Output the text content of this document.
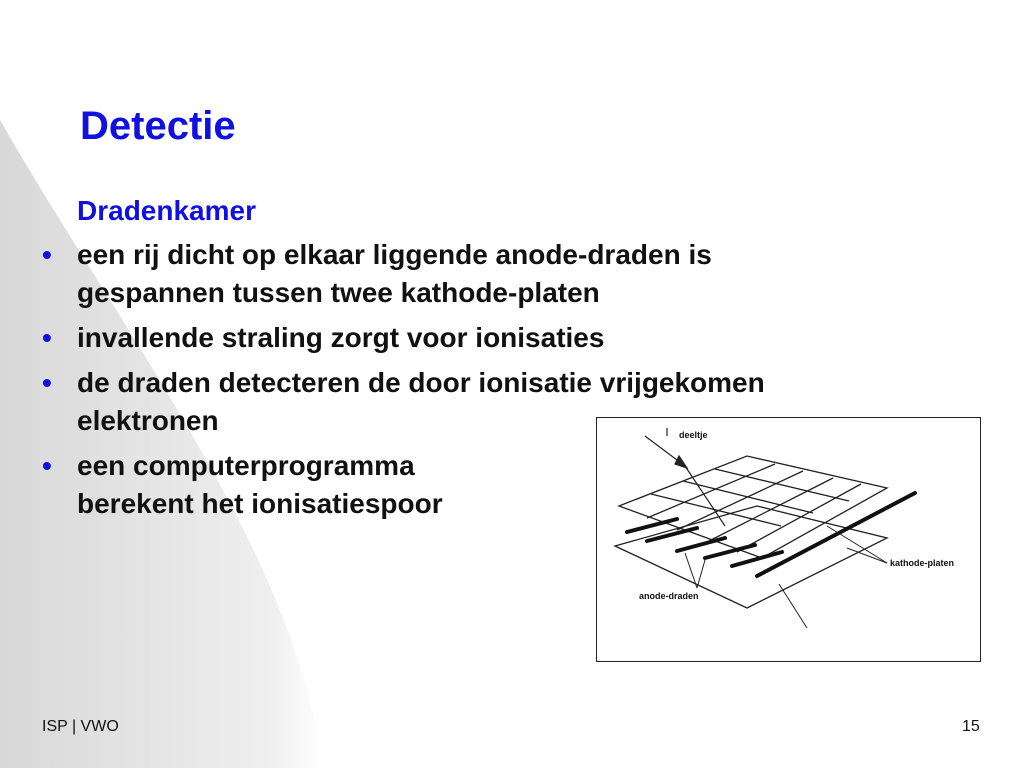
Detectie
Dradenkamer
• een rij dicht op elkaar liggende anode-draden is
gespannen tussen twee kathode-platen
• invallende straling zorgt voor ionisaties
• de draden detecteren de door ionisatie vrijgekomen
elektronen
• een computerprogramma
berekent het ionisatiespoor
deeltje
kathode-platen
anode-draden
ISP | VWO	15
